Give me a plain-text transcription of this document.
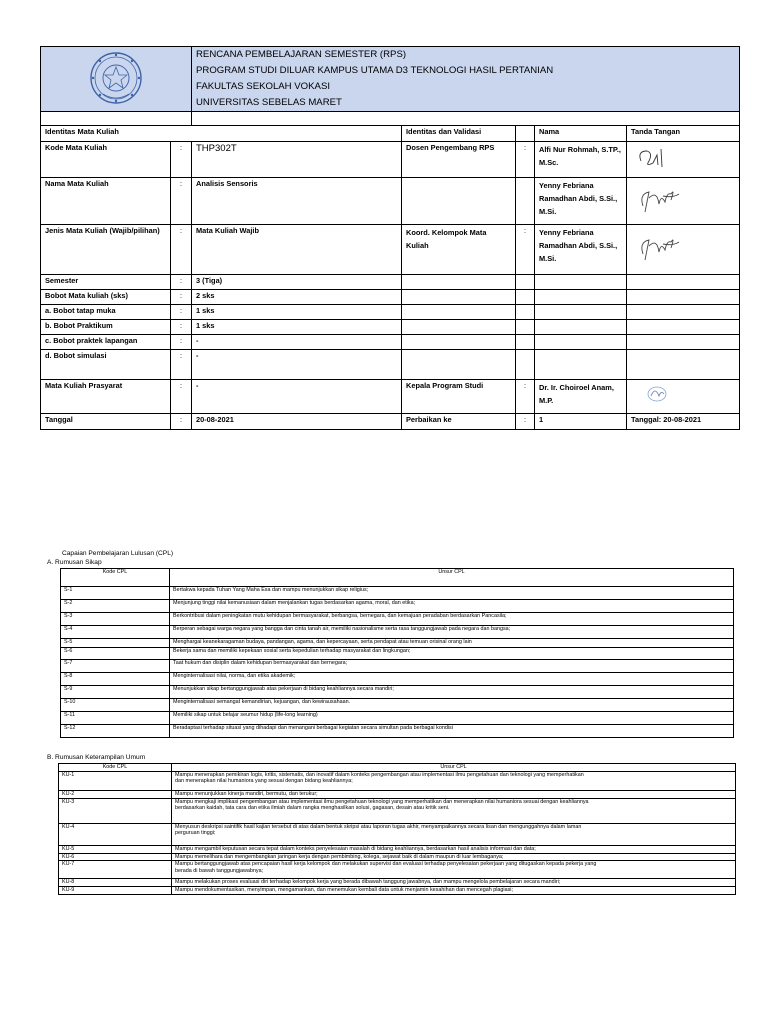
RENCANA PEMBELAJARAN SEMESTER (RPS)
PROGRAM STUDI DILUAR KAMPUS UTAMA D3 TEKNOLOGI HASIL PERTANIAN
FAKULTAS SEKOLAH VOKASI
UNIVERSITAS SEBELAS MARET				

Identitas Mata Kuliah			Identitas dan Validasi		Nama	Tanda Tangan
Kode Mata Kuliah	:	THP302T	Dosen Pengembang RPS	:	Alfi Nur Rohmah, S.TP., M.Sc.	
Nama Mata Kuliah	:	Analisis Sensoris			Yenny Febriana Ramadhan Abdi, S.Si., M.Si.	
Jenis Mata Kuliah (Wajib/pilihan)	:	Mata Kuliah Wajib	Koord. Kelompok Mata Kuliah	:	Yenny Febriana Ramadhan Abdi, S.Si., M.Si.	
Semester	:	3 (Tiga)				
Bobot Mata kuliah (sks)	:	2 sks				
a. Bobot tatap muka	:	1 sks				
b. Bobot Praktikum	:	1 sks				
c. Bobot praktek lapangan	:	-				
d. Bobot simulasi	:	-				
Mata Kuliah Prasyarat	:	-	Kepala Program Studi	:	Dr. Ir. Choiroel Anam, M.P.	
Tanggal	:	20-08-2021	Perbaikan ke	:	1	Tanggal: 20-08-2021
Capaian Pembelajaran Lulusan (CPL)
A. Rumusan Sikap
Kode CPL	Unsur CPL
S-1	Bertakwa kepada Tuhan Yang Maha Esa dan mampu menunjukkan sikap religius;
S-2	Menjunjung tinggi nilai kemanusiaan dalam menjalankan tugas berdasarkan agama, moral, dan etika;
S-3	Berkontribusi dalam peningkatan mutu kehidupan bermasyarakat, berbangsa, bernegara, dan kemajuan peradaban berdasarkan Pancasila;
S-4	Berperan sebagai warga negara yang bangga dan cinta tanah air, memiliki nasionalisme serta rasa tanggungjawab pada negara dan bangsa;
S-5	Menghargai keanekaragaman budaya, pandangan, agama, dan kepercayaan, serta pendapat atau temuan orisinal orang lain
S-6	Bekerja sama dan memiliki kepekaan sosial serta kepedulian terhadap masyarakat dan lingkungan;
S-7	Taat hukum dan disiplin dalam kehidupan bermasyarakat dan bernegara;
S-8	Menginternalisasi nilai, norma, dan etika akademik;
S-9	Menunjukkan sikap bertanggungjawab atas pekerjaan di bidang keahliannya secara mandiri;
S-10	Menginternalisasi semangat kemandirian, kejuangan, dan kewirausahaan.
S-11	Memiliki sikap untuk belajar seumur hidup (life-long learning)
S-12	Beradaptasi terhadap situasi yang dihadapi dan menangani berbagai kegiatan secara simultan pada berbagai kondisi
B. Rumusan Keterampilan Umum
Kode CPL	Unsur CPL
KU-1	Mampu menerapkan pemikiran logis, kritis, sistematis, dan inovatif dalam konteks pengembangan atau implementasi ilmu pengetahuan dan teknologi yang memperhatikan

dan menerapkan nilai humaniora yang sesuai dengan bidang keahliannya;

KU-2	Mampu menunjukkan kinerja mandiri, bermutu, dan terukur;

KU-3	Mampu mengkaji implikasi pengembangan atau implementasi ilmu pengetahuan teknologi yang memperhatikan dan menerapkan nilai humaniora sesuai dengan keahliannya

berdasarkan kaidah, tata cara dan etika ilmiah dalam rangka menghasilkan solusi, gagasan, desain atau kritik seni.

KU-4	Menyusun deskripsi saintifik hasil kajian tersebut di atas dalam bentuk skripsi atau laporan tugas akhir, menyampaikannya secara lisan dan mengunggahnya dalam laman

perguruan tinggi;

KU-5	Mampu mengambil keputusan secara tepat dalam konteks penyelesaian masalah di bidang keahliannya, berdasarkan hasil analisis informasi dan data;

KU-6	Mampu memelihara dan mengembangkan jaringan kerja dengan pembimbing, kolega, sejawat baik di dalam maupun di luar lembaganya;

KU-7	Mampu bertanggungjawab atas pencapaian hasil kerja kelompok dan melakukan supervisi dan evaluasi terhadap penyelesaian pekerjaan yang ditugaskan kepada pekerja yang

berada di bawah tanggungjawabnya;

KU-8	Mampu melakukan proses evaluasi diri terhadap kelompok kerja yang berada dibawah tanggung jawabnya, dan mampu mengelola pembelajaran secara mandiri;

KU-9	Mampu mendokumentasikan, menyimpan, mengamankan, dan menemukan kembali data untuk menjamin kesahihan dan mencegah plagiasi;
